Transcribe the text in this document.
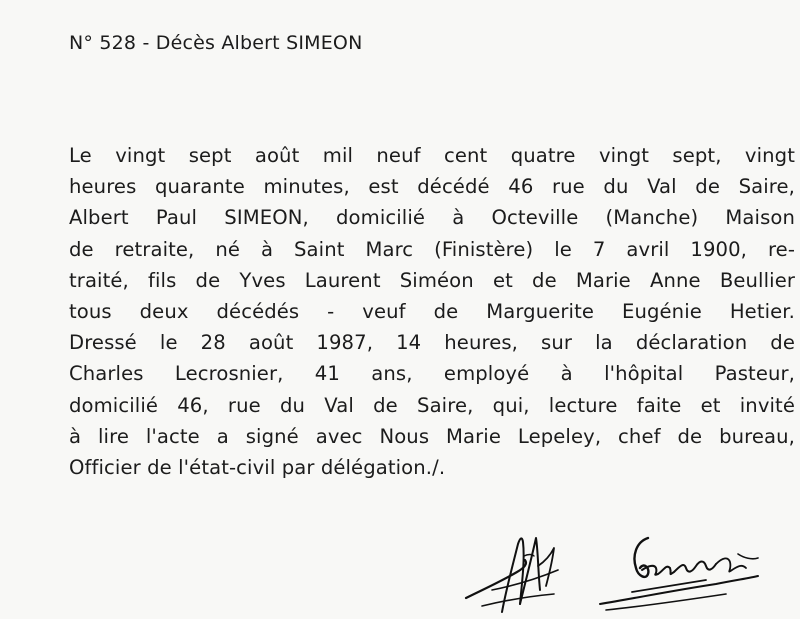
N° 528 - Décès Albert SIMEON
Le vingt sept août mil neuf cent quatre vingt sept, vingt
heures quarante minutes, est décédé 46 rue du Val de Saire,
Albert Paul SIMEON, domicilié à Octeville (Manche) Maison
de retraite, né à Saint Marc (Finistère) le 7 avril 1900, re-
traité, fils de Yves Laurent Siméon et de Marie Anne Beullier
tous deux décédés - veuf de Marguerite Eugénie Hetier.
Dressé le 28 août 1987, 14 heures, sur la déclaration de
Charles Lecrosnier, 41 ans, employé à l'hôpital Pasteur,
domicilié 46, rue du Val de Saire, qui, lecture faite et invité
à lire l'acte a signé avec Nous Marie Lepeley, chef de bureau,
Officier de l'état-civil par délégation./.
